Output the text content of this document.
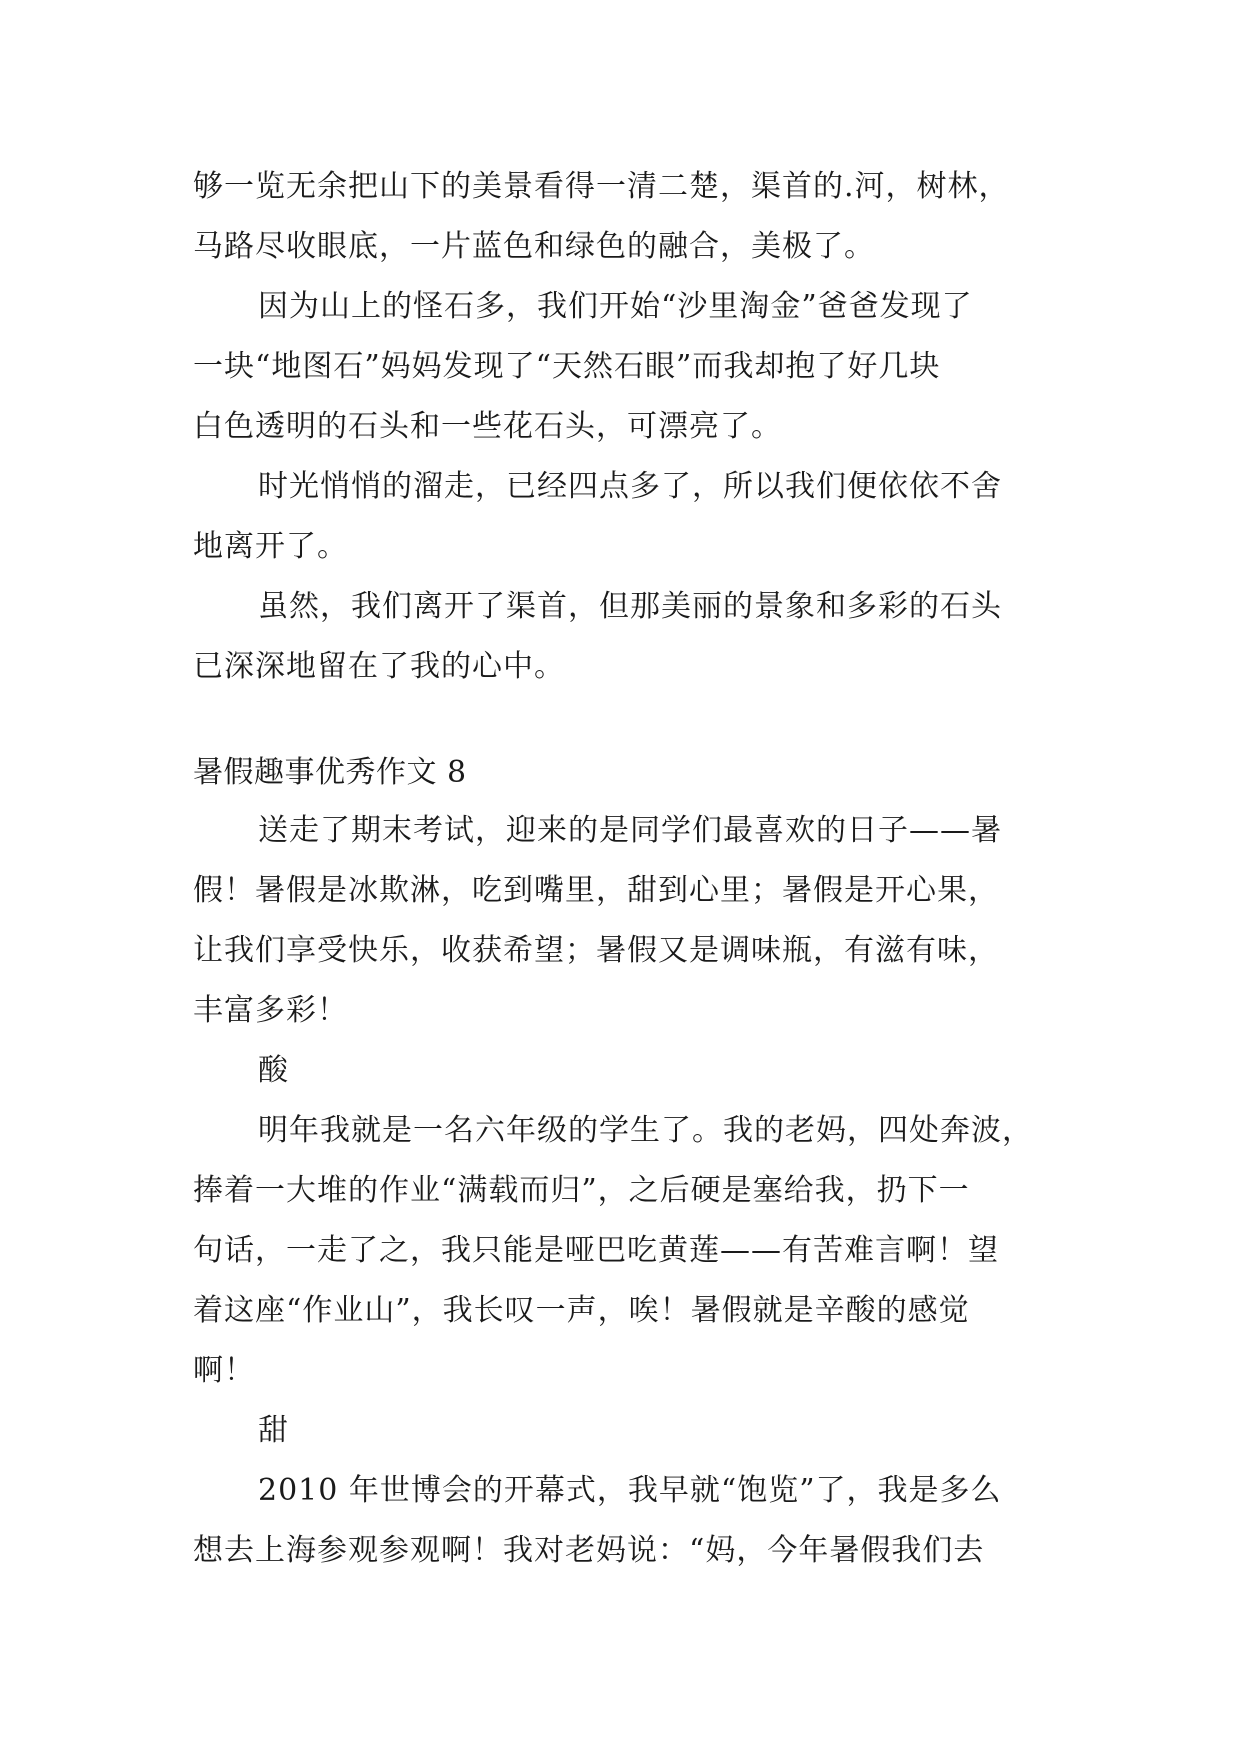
够一览无余把山下的美景看得一清二楚，渠首的.河，树林，
马路尽收眼底，一片蓝色和绿色的融合，美极了。
因为山上的怪石多，我们开始“沙里淘金”爸爸发现了
一块“地图石”妈妈发现了“天然石眼”而我却抱了好几块
白色透明的石头和一些花石头，可漂亮了。
时光悄悄的溜走，已经四点多了，所以我们便依依不舍
地离开了。
虽然，我们离开了渠首，但那美丽的景象和多彩的石头
已深深地留在了我的心中。
暑假趣事优秀作文 8
送走了期末考试，迎来的是同学们最喜欢的日子——暑
假！暑假是冰欺淋，吃到嘴里，甜到心里；暑假是开心果，
让我们享受快乐，收获希望；暑假又是调味瓶，有滋有味，
丰富多彩！
酸
明年我就是一名六年级的学生了。我的老妈，四处奔波，
捧着一大堆的作业“满载而归”，之后硬是塞给我，扔下一
句话，一走了之，我只能是哑巴吃黄莲——有苦难言啊！望
着这座“作业山”，我长叹一声，唉！暑假就是辛酸的感觉
啊！
甜
2010 年世博会的开幕式，我早就“饱览”了，我是多么
想去上海参观参观啊！我对老妈说：“妈，今年暑假我们去
